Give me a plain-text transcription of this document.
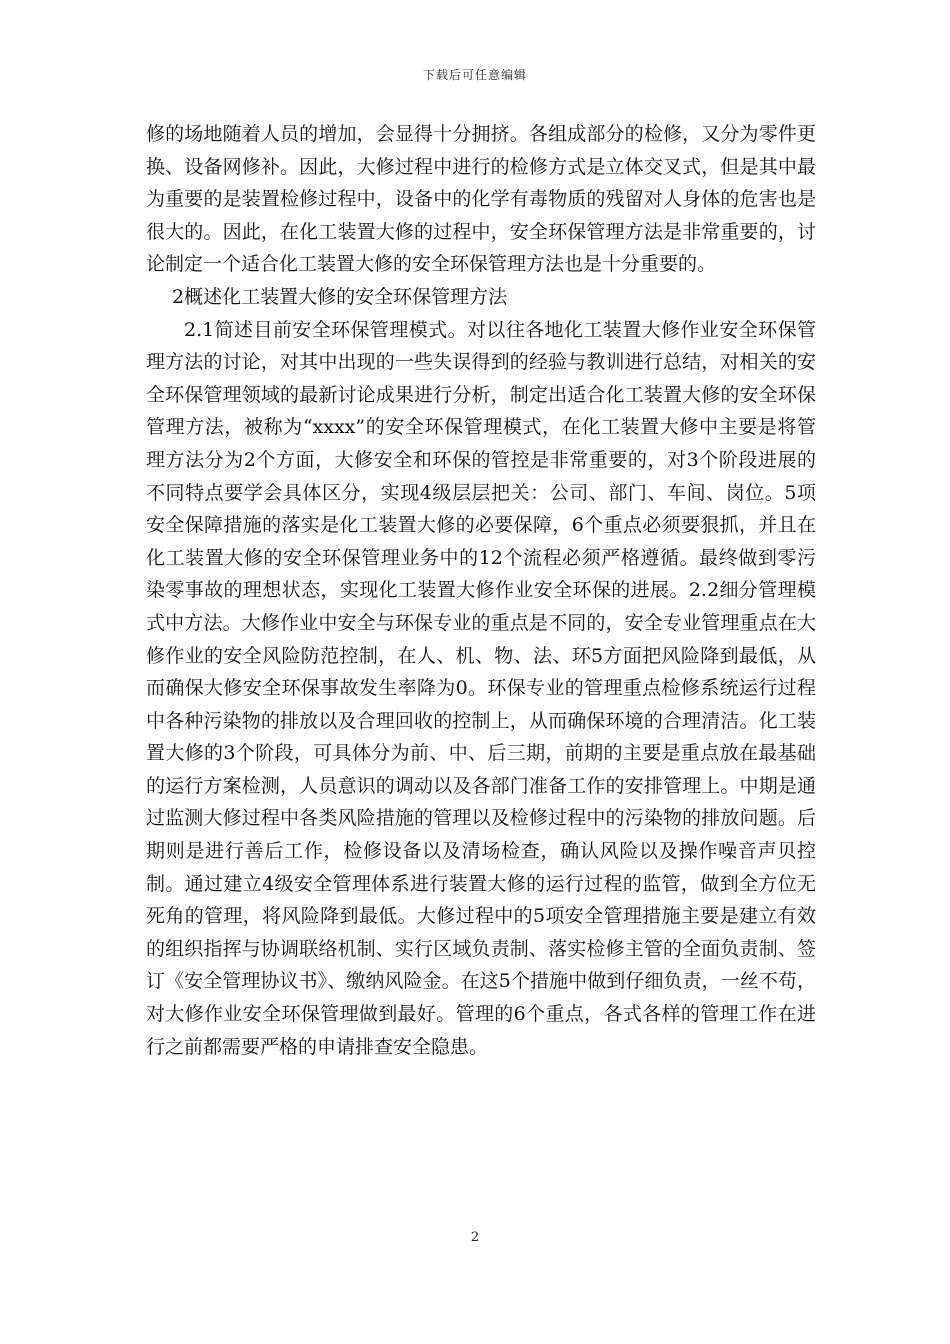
下载后可任意编辑

修的场地随着人员的增加，会显得十分拥挤。各组成部分的检修，又分为零件更换、设备网修补。因此，大修过程中进行的检修方式是立体交叉式，但是其中最为重要的是装置检修过程中，设备中的化学有毒物质的残留对人身体的危害也是很大的。因此，在化工装置大修的过程中，安全环保管理方法是非常重要的，讨论制定一个适合化工装置大修的安全环保管理方法也是十分重要的。

2概述化工装置大修的安全环保管理方法

2.1简述目前安全环保管理模式。对以往各地化工装置大修作业安全环保管理方法的讨论，对其中出现的一些失误得到的经验与教训进行总结，对相关的安全环保管理领域的最新讨论成果进行分析，制定出适合化工装置大修的安全环保管理方法，被称为“xxxx”的安全环保管理模式，在化工装置大修中主要是将管理方法分为2个方面，大修安全和环保的管控是非常重要的，对3个阶段进展的不同特点要学会具体区分，实现4级层层把关：公司、部门、车间、岗位。5项安全保障措施的落实是化工装置大修的必要保障，6个重点必须要狠抓，并且在化工装置大修的安全环保管理业务中的12个流程必须严格遵循。最终做到零污染零事故的理想状态，实现化工装置大修作业安全环保的进展。2.2细分管理模式中方法。大修作业中安全与环保专业的重点是不同的，安全专业管理重点在大修作业的安全风险防范控制，在人、机、物、法、环5方面把风险降到最低，从而确保大修安全环保事故发生率降为0。环保专业的管理重点检修系统运行过程中各种污染物的排放以及合理回收的控制上，从而确保环境的合理清洁。化工装置大修的3个阶段，可具体分为前、中、后三期，前期的主要是重点放在最基础的运行方案检测，人员意识的调动以及各部门准备工作的安排管理上。中期是通过监测大修过程中各类风险措施的管理以及检修过程中的污染物的排放问题。后期则是进行善后工作，检修设备以及清场检查，确认风险以及操作噪音声贝控制。通过建立4级安全管理体系进行装置大修的运行过程的监管，做到全方位无死角的管理，将风险降到最低。大修过程中的5项安全管理措施主要是建立有效的组织指挥与协调联络机制、实行区域负责制、落实检修主管的全面负责制、签订《安全管理协议书》、缴纳风险金。在这5个措施中做到仔细负责，一丝不苟，对大修作业安全环保管理做到最好。管理的6个重点，各式各样的管理工作在进行之前都需要严格的申请排查安全隐患。

2
